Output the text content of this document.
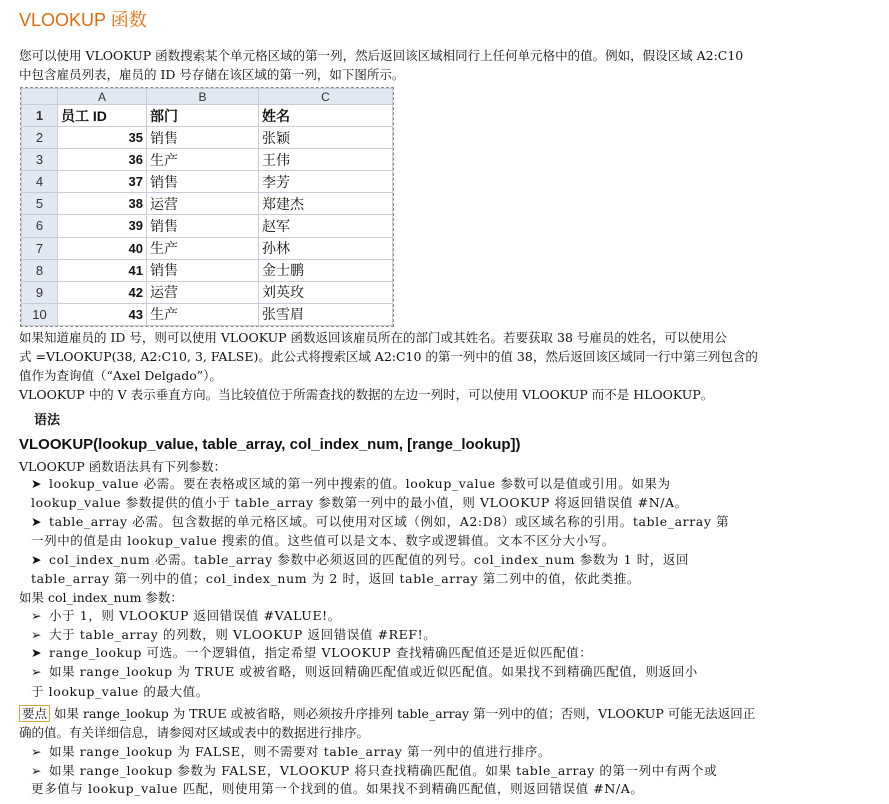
VLOOKUP 函数
您可以使用 VLOOKUP 函数搜索某个单元格区域的第一列，然后返回该区域相同行上任何单元格中的值。例如，假设区域 A2:C10
中包含雇员列表，雇员的 ID 号存储在该区域的第一列，如下图所示。
	A	B	C
1	员工 ID	部门	姓名
2	35	销售	张颖
3	36	生产	王伟
4	37	销售	李芳
5	38	运营	郑建杰
6	39	销售	赵军
7	40	生产	孙林
8	41	销售	金士鹏
9	42	运营	刘英玫
10	43	生产	张雪眉
如果知道雇员的 ID 号，则可以使用 VLOOKUP 函数返回该雇员所在的部门或其姓名。若要获取 38 号雇员的姓名，可以使用公
式 =VLOOKUP(38, A2:C10, 3, FALSE)。此公式将搜索区域 A2:C10 的第一列中的值 38，然后返回该区域同一行中第三列包含的
值作为查询值（“Axel Delgado”）。
VLOOKUP 中的 V 表示垂直方向。当比较值位于所需查找的数据的左边一列时，可以使用 VLOOKUP 而不是 HLOOKUP。
语法
VLOOKUP(lookup_value, table_array, col_index_num, [range_lookup])
VLOOKUP 函数语法具有下列参数：
➤ lookup_value 必需。要在表格或区域的第一列中搜索的值。lookup_value 参数可以是值或引用。如果为
lookup_value 参数提供的值小于 table_array 参数第一列中的最小值，则 VLOOKUP 将返回错误值 #N/A。
➤ table_array 必需。包含数据的单元格区域。可以使用对区域（例如，A2:D8）或区域名称的引用。table_array 第
一列中的值是由 lookup_value 搜索的值。这些值可以是文本、数字或逻辑值。文本不区分大小写。
➤ col_index_num 必需。table_array 参数中必须返回的匹配值的列号。col_index_num 参数为 1 时，返回
table_array 第一列中的值；col_index_num 为 2 时，返回 table_array 第二列中的值，依此类推。
如果 col_index_num 参数：
➢ 小于 1，则 VLOOKUP 返回错误值 #VALUE!。
➢ 大于 table_array 的列数，则 VLOOKUP 返回错误值 #REF!。
➤ range_lookup 可选。一个逻辑值，指定希望 VLOOKUP 查找精确匹配值还是近似匹配值：
➢ 如果 range_lookup 为 TRUE 或被省略，则返回精确匹配值或近似匹配值。如果找不到精确匹配值，则返回小
于 lookup_value 的最大值。
要点 如果 range_lookup 为 TRUE 或被省略，则必须按升序排列 table_array 第一列中的值；否则，VLOOKUP 可能无法返回正
确的值。有关详细信息，请参阅对区域或表中的数据进行排序。
➢ 如果 range_lookup 为 FALSE，则不需要对 table_array 第一列中的值进行排序。
➢ 如果 range_lookup 参数为 FALSE，VLOOKUP 将只查找精确匹配值。如果 table_array 的第一列中有两个或
更多值与 lookup_value 匹配，则使用第一个找到的值。如果找不到精确匹配值，则返回错误值 #N/A。
